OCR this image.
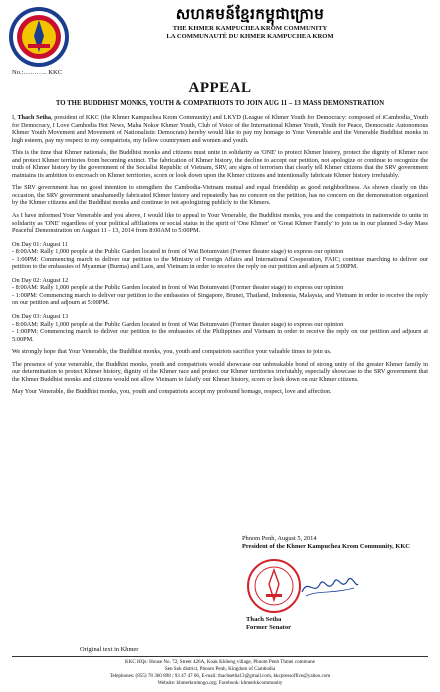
KKC	សហគមន៍ខ្មែរកម្ពុជាក្រោម
THE KHMER KAMPUCHEA KROM COMMUNITY
LA COMMUNAUTÉ DU KHMER KAMPUCHEA KROM
No.:……….. KKC
APPEAL
TO THE BUDDHIST MONKS, YOUTH & COMPATRIOTS TO JOIN AUG 11 – 13 MASS DEMONSTRATION

I, Thach Setha, president of KKC (the Khmer Kampuchea Krom Community) and LKYD (League of Khmer Youth for Democracy: composed of iCambodia_Youth for Democracy, I Love Cambodia Hot News, Maha Nokor Khmer Youth, Club of Voice of the International Khmer Youth, Youth for Peace, Democratic Autonomous Khmer Youth Movement and Movement of Nationalistic Democrats) hereby would like to pay my homage to Your Venerable and the Venerable Buddhist monks in high esteem, pay my respect to my compatriots, my fellow countrymen and women and youth.

This is the time that Khmer nationals, the Buddhist monks and citizens must unite in solidarity as 'ONE' to protect Khmer history, protect the dignity of Khmer race and protect Khmer territories from becoming extinct. The fabrication of Khmer history, the decline to accept our petition, not apologize or continue to recognize the truth of Khmer history by the government of the Socialist Republic of Vietnam, SRV, are signs of terrorism that clearly tell Khmer citizens that the SRV government maintains its ambition to encroach on Khmer territories, scorn or look down upon the Khmer citizens and intentionally fabricate Khmer history irrefutably.

The SRV government has no good intention to strengthen the Cambodia-Vietnam mutual and equal friendship as good neighborliness. As shown clearly on this occasion, the SRV government unashamedly fabricated Khmer history and repeatedly has no concern on the petition, has no concern on the demonstration organized by the Khmer citizens and the Buddhist monks and continue to not apologizing publicly to the Khmers.

As I have informed Your Venerable and you above, I would like to appeal to Your Venerable, the Buddhist monks, you and the compatriots in nationwide to unite in solidarity as 'ONE' regardless of your political affiliations or social status in the spirit of 'One Khmer' or 'Great Khmer Family' to join us in our planned 3-day Mass Peaceful Demonstration on August 11 - 13, 2014 from 8:00AM to 5:00PM.

On Day 01: August 11
- 8:00AM: Rally 1,000 people at the Public Garden located in front of Wat Botumvatei (Former theater stage) to express our opinion
- 1:00PM: Commencing march to deliver our petition to the Ministry of Foreign Affairs and International Cooperation, FAIC; continue marching to deliver our petition to the embassies of Myanmar (Burma) and Laos, and Vietnam in order to receive the reply on our petition and adjourn at 5:00PM.
On Day 02: August 12
- 8:00AM: Rally 1,000 people at the Public Garden located in front of Wat Botumvatei (Former theater stage) to express our opinion
- 1:00PM: Commencing march to deliver our petition to the embassies of Singapore, Brunei, Thailand, Indonesia, Malaysia, and Vietnam in order to receive the reply on our petition and adjourn at 5:00PM.
On Day 03: August 13
- 8:00AM: Rally 1,000 people at the Public Garden located in front of Wat Botumvatei (Former theater stage) to express our opinion
- 1:00PM: Commencing march to deliver our petition to the embassies of the Philippines and Vietnam in order to receive the reply on our petition and adjourn at 5:00PM.

We strongly hope that Your Venerable, the Buddhist monks, you, youth and compatriots sacrifice your valuable times to join us.

The presence of your venerable, the Buddhist monks, youth and compatriots would showcase our unbreakable bond of strong unity of the greater Khmer family in our determination to protect Khmer history, dignity of the Khmer race and protect our Khmer territories irrefutably, especially showcase to the SRV government that the Khmer Buddhist monks and citizens would not allow Vietnam to falsify our Khmer history, scorn or look down on our Khmer citizens.

May Your Venerable, the Buddhist monks, you, youth and compatriots accept my profound homage, respect, love and affection.

Phnom Penh, August 5, 2014
President of the Khmer Kampuchea Krom Community, KKC
Thach Setha
Former Senator
Original text in Khmer
KKC HQs: House No. 72, Street 426A, Koak Khlieng village, Phnom Penh Thmei commune
Sen Sok district, Phnom Penh, Kingdom of Cambodia
Telephones: (855) 78 360 898 / 93 47 47 06, E-mail: thachsetha13@gmail.com, kkcpressoffice@yahoo.com
Website: khmerkromngo.org; Facebook: khmerkkcommunity
